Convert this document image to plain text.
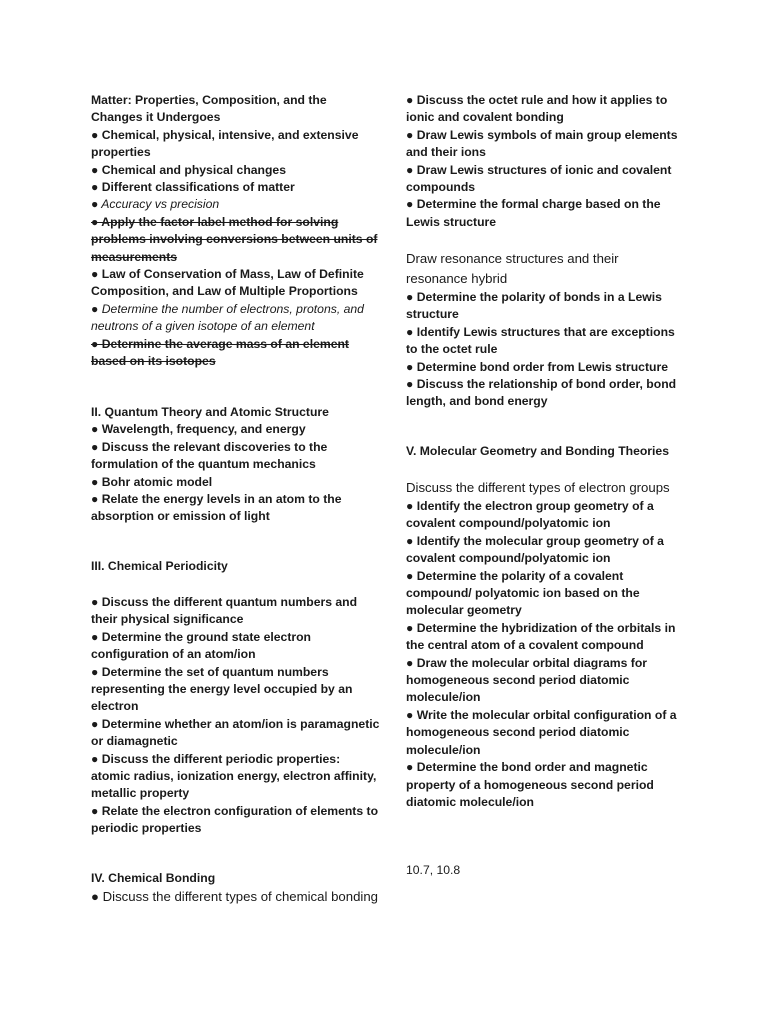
Matter: Properties, Composition, and the Changes it Undergoes
● Chemical, physical, intensive, and extensive properties
● Chemical and physical changes
● Different classifications of matter
● Accuracy vs precision
● Apply the factor label method for solving problems involving conversions between units of measurements
● Law of Conservation of Mass, Law of Definite Composition, and Law of Multiple Proportions
● Determine the number of electrons, protons, and neutrons of a given isotope of an element
● Determine the average mass of an element based on its isotopes
II. Quantum Theory and Atomic Structure
● Wavelength, frequency, and energy
● Discuss the relevant discoveries to the formulation of the quantum mechanics
● Bohr atomic model
● Relate the energy levels in an atom to the absorption or emission of light
III. Chemical Periodicity
● Discuss the different quantum numbers and their physical significance
● Determine the ground state electron configuration of an atom/ion
● Determine the set of quantum numbers representing the energy level occupied by an electron
● Determine whether an atom/ion is paramagnetic or diamagnetic
● Discuss the different periodic properties: atomic radius, ionization energy, electron affinity, metallic property
● Relate the electron configuration of elements to periodic properties
IV. Chemical Bonding
● Discuss the different types of chemical bonding
● Discuss the octet rule and how it applies to ionic and covalent bonding
● Draw Lewis symbols of main group elements and their ions
● Draw Lewis structures of ionic and covalent compounds
● Determine the formal charge based on the Lewis structure
Draw resonance structures and their resonance hybrid
● Determine the polarity of bonds in a Lewis structure
● Identify Lewis structures that are exceptions to the octet rule
● Determine bond order from Lewis structure
● Discuss the relationship of bond order, bond length, and bond energy
V. Molecular Geometry and Bonding Theories
Discuss the different types of electron groups
● Identify the electron group geometry of a covalent compound/polyatomic ion
● Identify the molecular group geometry of a covalent compound/polyatomic ion
● Determine the polarity of a covalent compound/ polyatomic ion based on the molecular geometry
● Determine the hybridization of the orbitals in the central atom of a covalent compound
● Draw the molecular orbital diagrams for homogeneous second period diatomic molecule/ion
● Write the molecular orbital configuration of a homogeneous second period diatomic molecule/ion
● Determine the bond order and magnetic property of a homogeneous second period diatomic molecule/ion
10.7, 10.8
